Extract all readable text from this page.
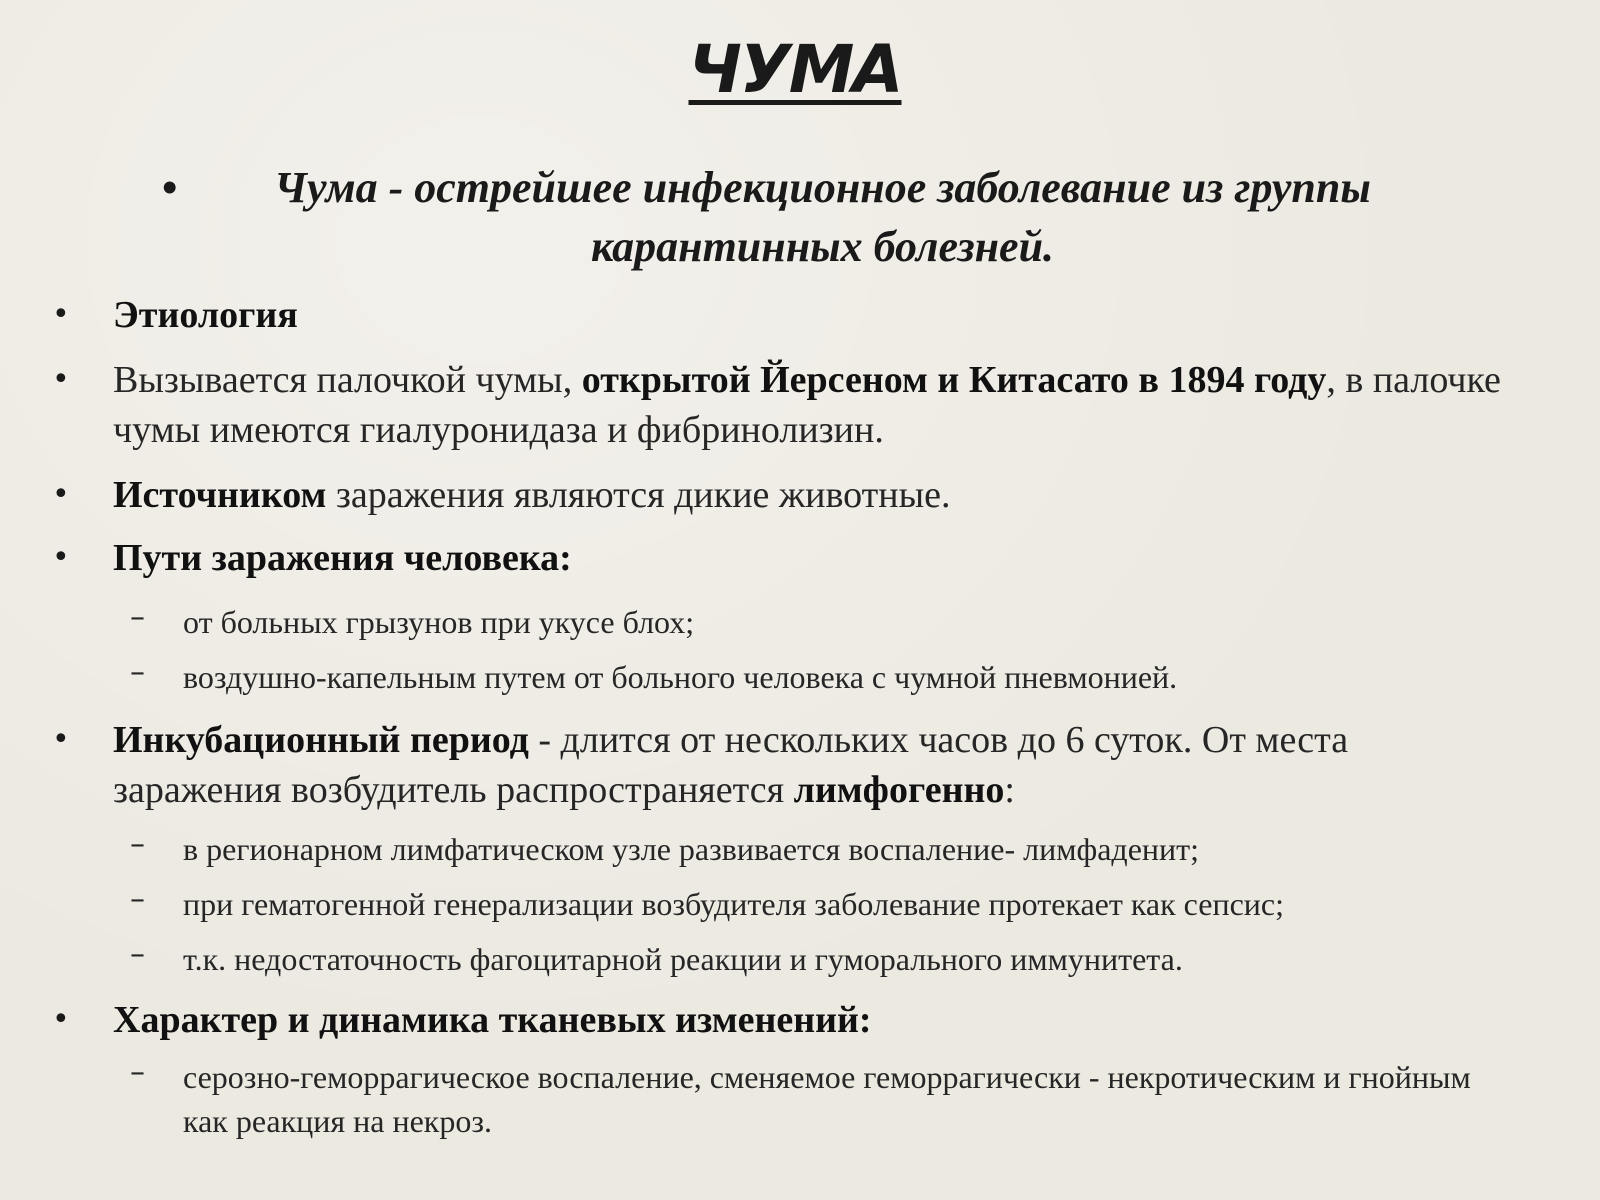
ЧУМА
• Чума - острейшее инфекционное заболевание из группы карантинных болезней.
• Этиология
• Вызывается палочкой чумы, открытой Йерсеном и Китасато в 1894 году, в палочке чумы имеются гиалуронидаза и фибринолизин.
• Источником заражения являются дикие животные.
• Пути заражения человека:
– от больных грызунов при укусе блох;
– воздушно-капельным путем от больного человека с чумной пневмонией.
• Инкубационный период - длится от нескольких часов до 6 суток. От места заражения возбудитель распространяется лимфогенно:
– в регионарном лимфатическом узле развивается воспаление- лимфаденит;
– при гематогенной генерализации возбудителя заболевание протекает как сепсис;
– т.к. недостаточность фагоцитарной реакции и гуморального иммунитета.
• Характер и динамика тканевых изменений:
– серозно-геморрагическое воспаление, сменяемое геморрагически - некротическим и гнойным как реакция на некроз.
